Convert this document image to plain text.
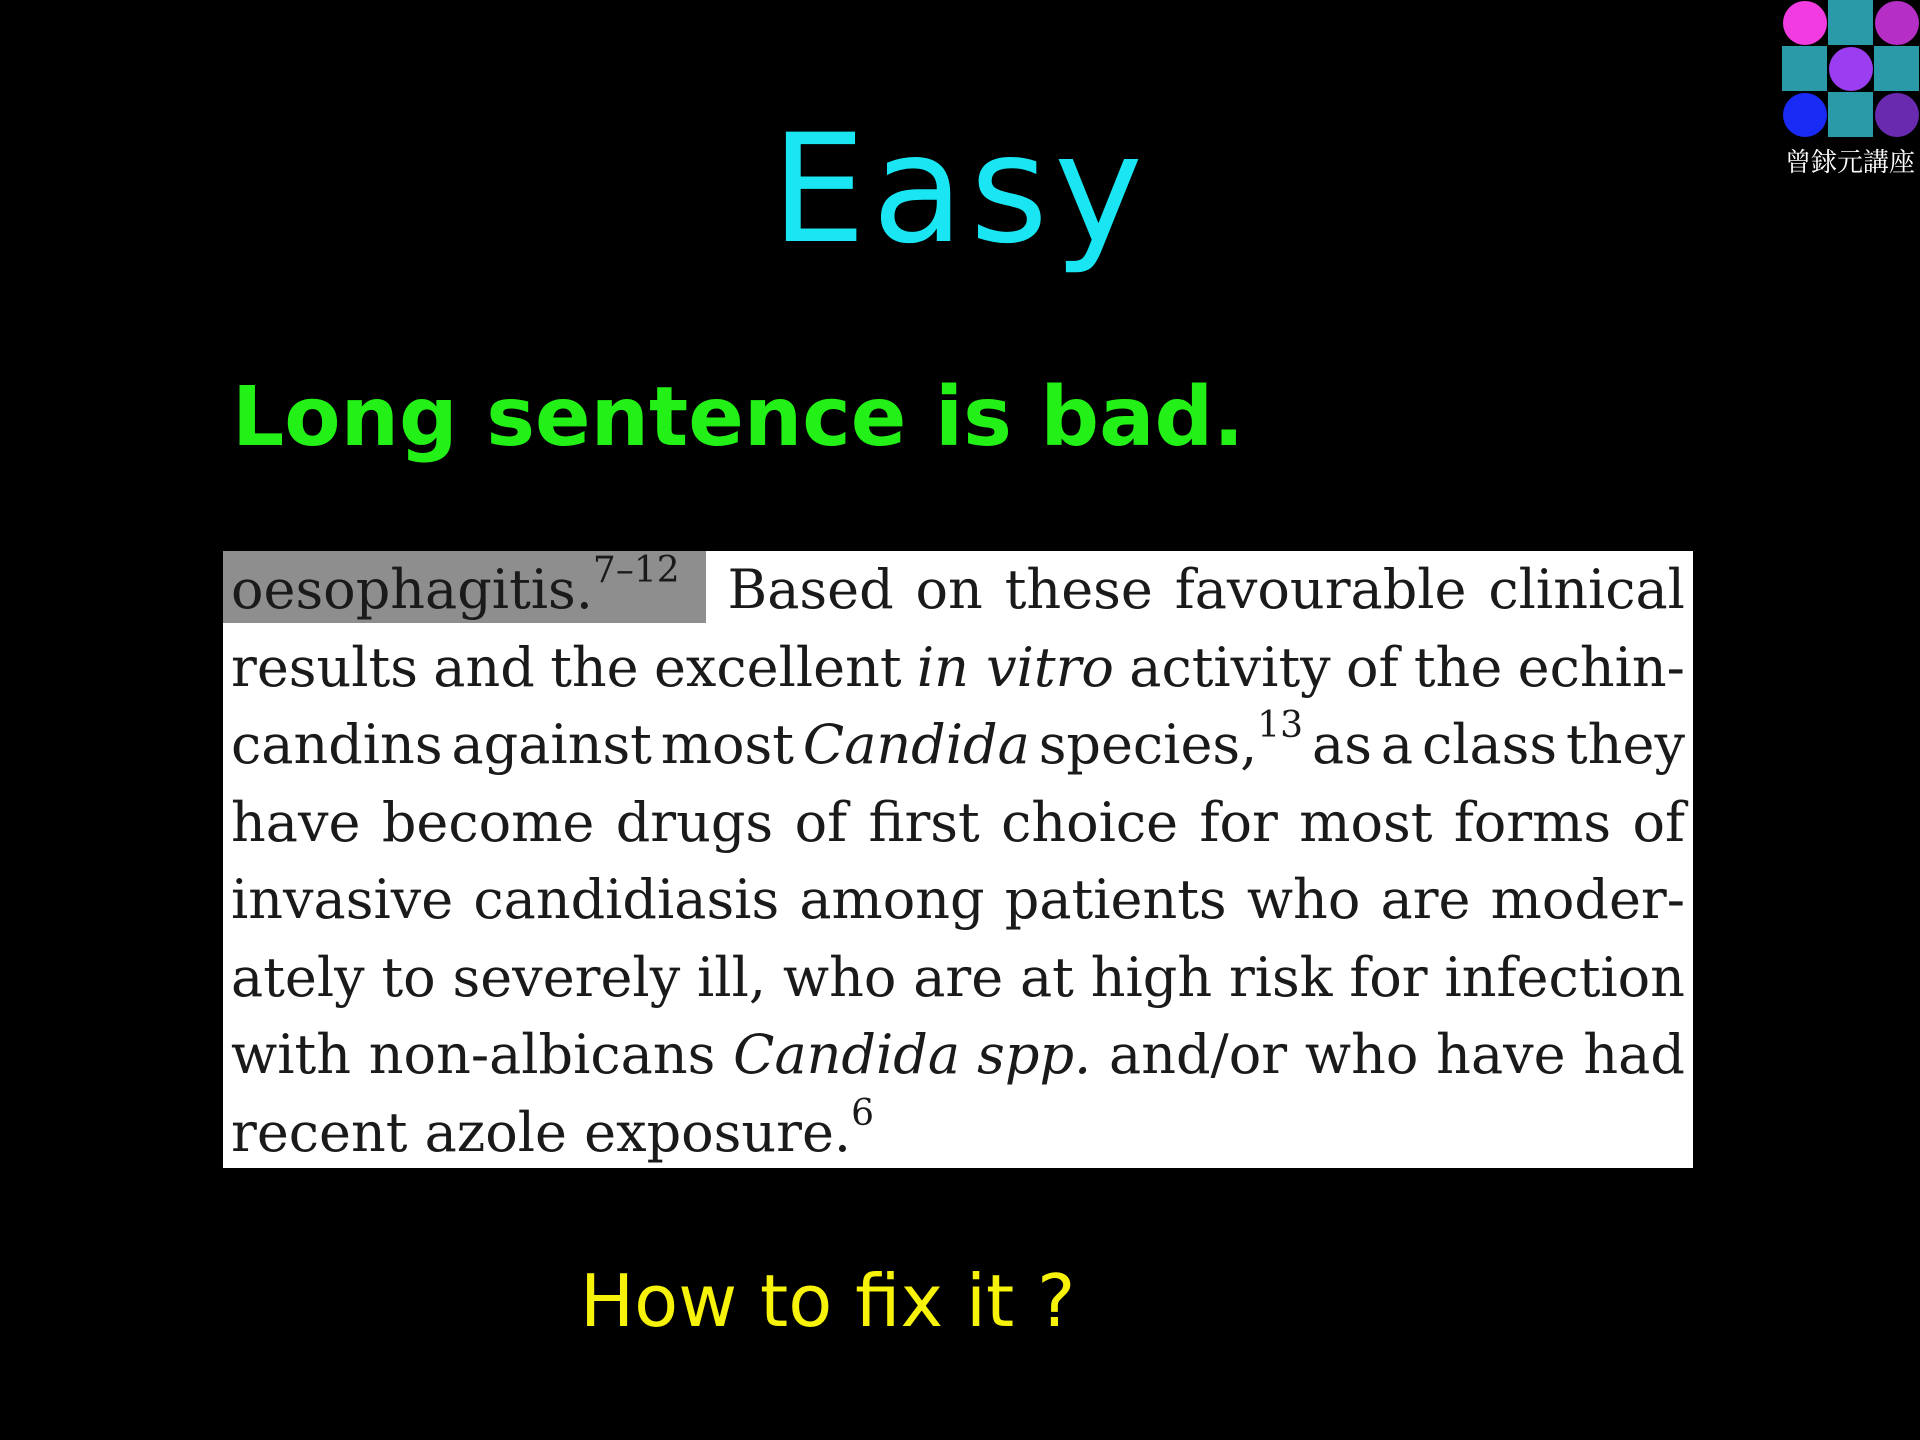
曾銶元講座
Easy
Long sentence is bad.
oesophagitis.$^{7-12}$ Based on these favourable clinical
results and the excellent in vitro activity of the echin-
candins against most Candida species,$^{13}$ as a class they
have become drugs of first choice for most forms of
invasive candidiasis among patients who are moder-
ately to severely ill, who are at high risk for infection
with non-albicans Candida spp. and/or who have had
recent azole exposure.$^6$
How to fix it ?
